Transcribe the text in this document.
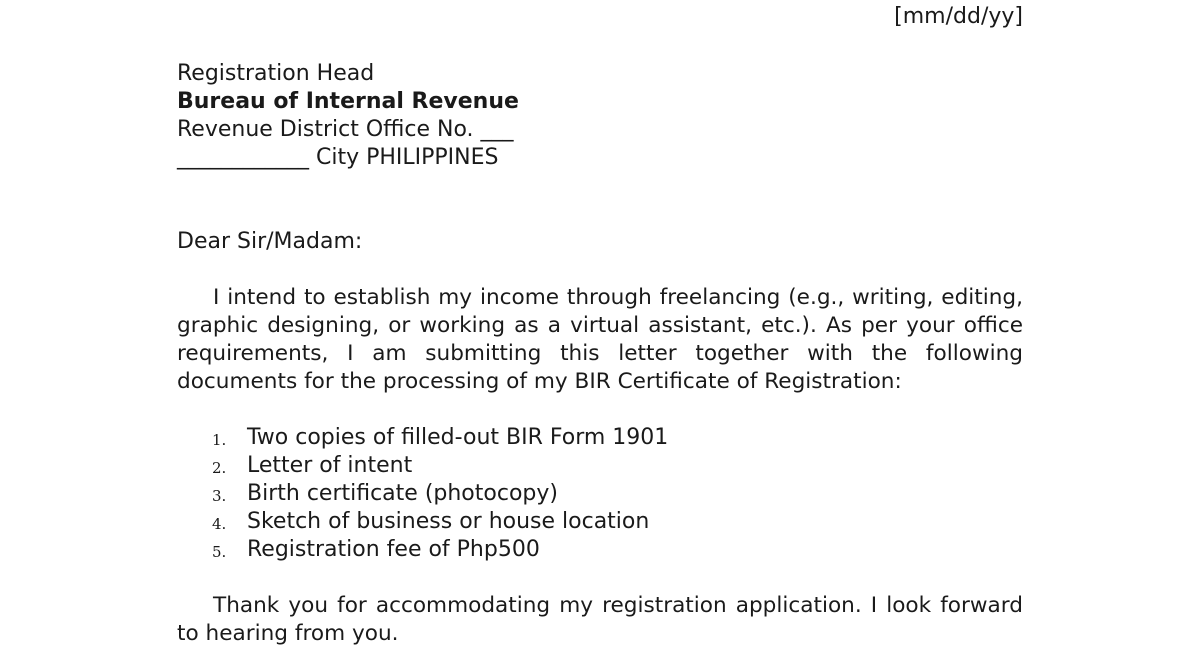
[mm/dd/yy]
Registration Head
Bureau of Internal Revenue
Revenue District Office No. ___
____________ City PHILIPPINES
Dear Sir/Madam:

I intend to establish my income through freelancing (e.g., writing, editing, graphic designing, or working as a virtual assistant, etc.). As per your office requirements, I am submitting this letter together with the following documents for the processing of my BIR Certificate of Registration:

1. Two copies of filled-out BIR Form 1901
2. Letter of intent
3. Birth certificate (photocopy)
4. Sketch of business or house location
5. Registration fee of Php500

Thank you for accommodating my registration application. I look forward to hearing from you.
